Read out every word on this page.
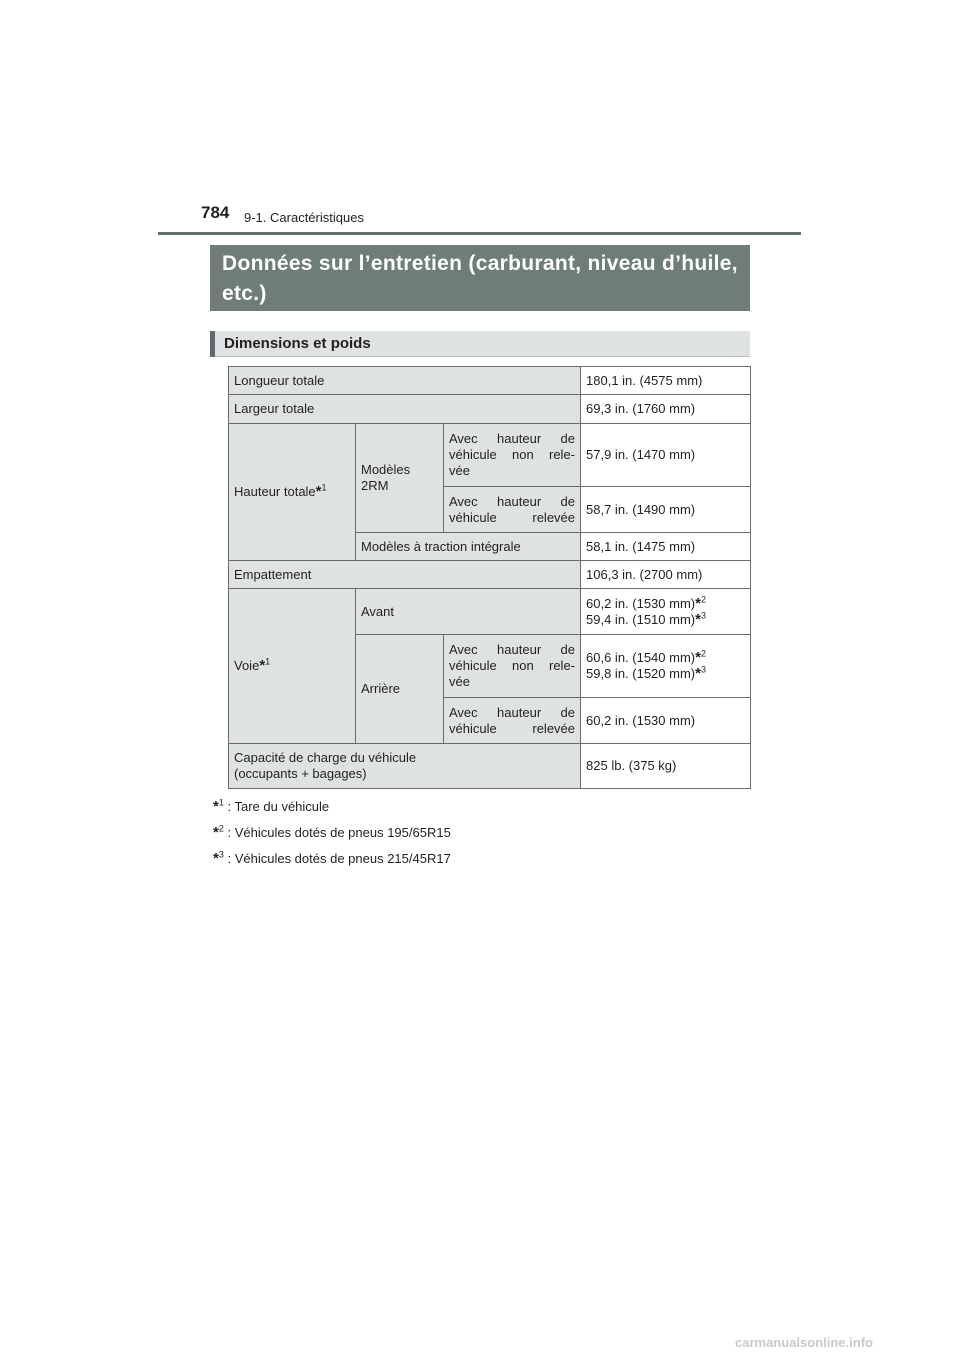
784 9-1. Caractéristiques
Données sur l’entretien (carburant, niveau d’huile, etc.)
Dimensions et poids
Longueur totale			180,1 in. (4575 mm)
Largeur totale			69,3 in. (1760 mm)
Hauteur totale*$^1$	Modèles 2RM	Avec hauteur de véhicule non rele- vée	57,9 in. (1470 mm)
		Avec hauteur de véhicule relevée	58,7 in. (1490 mm)
	Modèles à traction intégrale		58,1 in. (1475 mm)
Empattement			106,3 in. (2700 mm)
Voie*$^1$	Avant		60,2 in. (1530 mm)*$^2$
59,4 in. (1510 mm)*$^3$
	Arrière	Avec hauteur de véhicule non rele- vée	60,6 in. (1540 mm)*$^2$
59,8 in. (1520 mm)*$^3$
		Avec hauteur de véhicule relevée	60,2 in. (1530 mm)
Capacité de charge du véhicule
(occupants + bagages)			825 lb. (375 kg)
*$^1$ : Tare du véhicule
*$^2$ : Véhicules dotés de pneus 195/65R15
*$^3$ : Véhicules dotés de pneus 215/45R17
carmanualsonline.info
